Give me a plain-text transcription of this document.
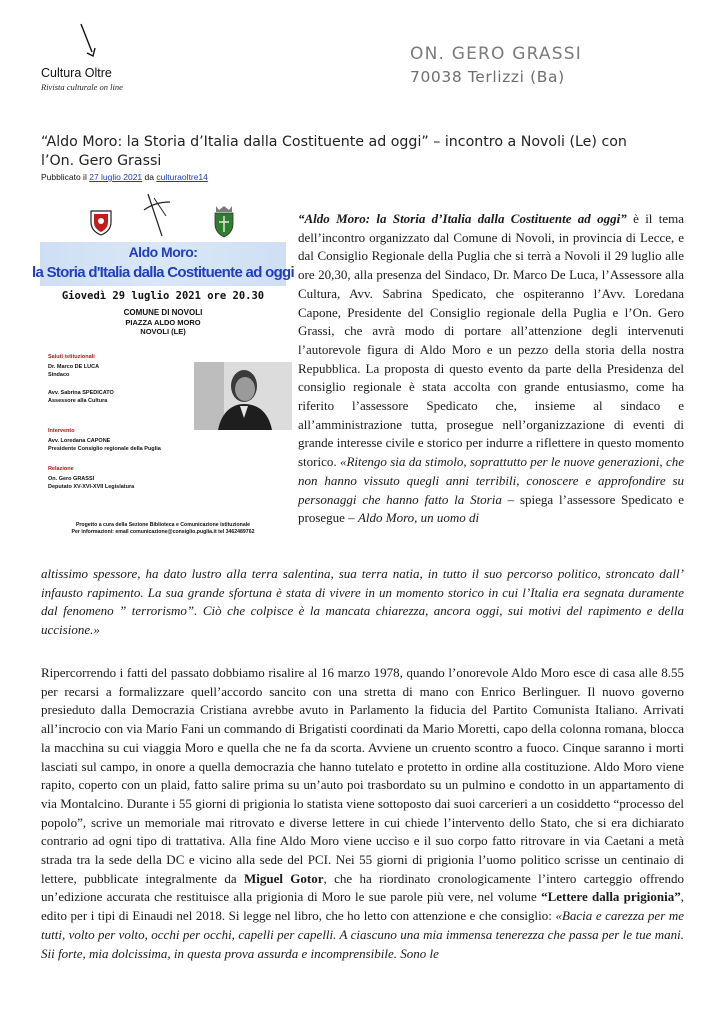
Cultura Oltre
Rivista culturale on line
ON. GERO GRASSI
70038 Terlizzi (Ba)
“Aldo Moro: la Storia d’Italia dalla Costituente ad oggi” – incontro a Novoli (Le) con l’On. Gero Grassi
Pubblicato il 27 luglio 2021 da culturaoltre14
Aldo Moro:
la Storia d'Italia dalla Costituente ad oggi
Giovedì 29 luglio 2021 ore 20.30
COMUNE DI NOVOLI
PIAZZA ALDO MORO
NOVOLI (LE)
Saluti istituzionali
Dr. Marco DE LUCA
Sindaco
Avv. Sabrina SPEDICATO
Assessore alla Cultura
Intervento
Avv. Loredana CAPONE
Presidente Consiglio regionale della Puglia
Relazione
On. Gero GRASSI
Deputato XV-XVI-XVII Legislatura
Progetto a cura della Sezione Biblioteca e Comunicazione istituzionale
Per informazioni: email comunicazione@consiglio.puglia.it tel 3462489762
“Aldo Moro: la Storia d’Italia dalla Costituente ad oggi” è il tema dell’incontro organizzato dal Comune di Novoli, in provincia di Lecce, e dal Consiglio Regionale della Puglia che si terrà a Novoli il 29 luglio alle ore 20,30, alla presenza del Sindaco, Dr. Marco De Luca, l’Assessore alla Cultura, Avv. Sabrina Spedicato, che ospiteranno l’Avv. Loredana Capone, Presidente del Consiglio regionale della Puglia e l’On. Gero Grassi, che avrà modo di portare all’attenzione degli intervenuti l’autorevole figura di Aldo Moro e un pezzo della storia della nostra Repubblica. La proposta di questo evento da parte della Presidenza del consiglio regionale è stata accolta con grande entusiasmo, come ha riferito l’assessore Spedicato che, insieme al sindaco e all’amministrazione tutta, prosegue nell’organizzazione di eventi di grande interesse civile e storico per indurre a riflettere in questo momento storico. «Ritengo sia da stimolo, soprattutto per le nuove generazioni, che non hanno vissuto quegli anni terribili, conoscere e approfondire su personaggi che hanno fatto la Storia – spiega l’assessore Spedicato e prosegue – Aldo Moro, un uomo di
altissimo spessore, ha dato lustro alla terra salentina, sua terra natia, in tutto il suo percorso politico, stroncato dall’ infausto rapimento. La sua grande sfortuna è stata di vivere in un momento storico in cui l’Italia era segnata duramente dal fenomeno ” terrorismo”. Ciò che colpisce è la mancata chiarezza, ancora oggi, sui motivi del rapimento e della uccisione.»
Ripercorrendo i fatti del passato dobbiamo risalire al 16 marzo 1978, quando l’onorevole Aldo Moro esce di casa alle 8.55 per recarsi a formalizzare quell’accordo sancito con una stretta di mano con Enrico Berlinguer. Il nuovo governo presieduto dalla Democrazia Cristiana avrebbe avuto in Parlamento la fiducia del Partito Comunista Italiano. Arrivati all’incrocio con via Mario Fani un commando di Brigatisti coordinati da Mario Moretti, capo della colonna romana, blocca la macchina su cui viaggia Moro e quella che ne fa da scorta. Avviene un cruento scontro a fuoco. Cinque saranno i morti lasciati sul campo, in onore a quella democrazia che hanno tutelato e protetto in ordine alla costituzione. Aldo Moro viene rapito, coperto con un plaid, fatto salire prima su un’auto poi trasbordato su un pulmino e condotto in un appartamento di via Montalcino. Durante i 55 giorni di prigionia lo statista viene sottoposto dai suoi carcerieri a un cosiddetto “processo del popolo”, scrive un memoriale mai ritrovato e diverse lettere in cui chiede l’intervento dello Stato, che si era dichiarato contrario ad ogni tipo di trattativa. Alla fine Aldo Moro viene ucciso e il suo corpo fatto ritrovare in via Caetani a metà strada tra la sede della DC e vicino alla sede del PCI. Nei 55 giorni di prigionia l’uomo politico scrisse un centinaio di lettere, pubblicate integralmente da Miguel Gotor, che ha riordinato cronologicamente l’intero carteggio offrendo un’edizione accurata che restituisce alla prigionia di Moro le sue parole più vere, nel volume “Lettere dalla prigionia”, edito per i tipi di Einaudi nel 2018. Si legge nel libro, che ho letto con attenzione e che consiglio: «Bacia e carezza per me tutti, volto per volto, occhi per occhi, capelli per capelli. A ciascuno una mia immensa tenerezza che passa per le tue mani. Sii forte, mia dolcissima, in questa prova assurda e incomprensibile. Sono le
